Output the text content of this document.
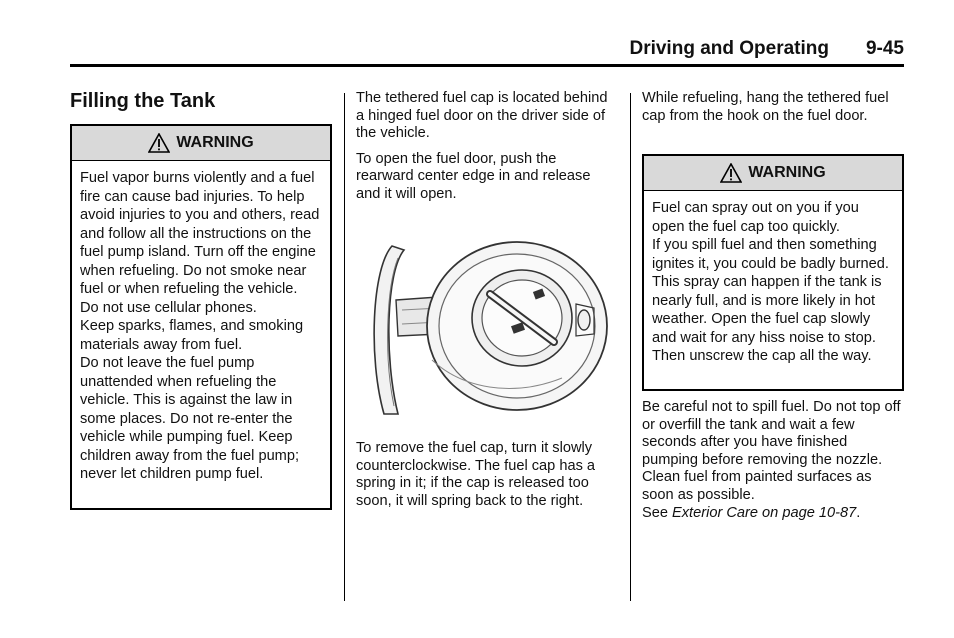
Driving and Operating 9-45
Filling the Tank
WARNING

Fuel vapor burns violently and a fuel fire can cause bad injuries. To help avoid injuries to you and others, read and follow all the instructions on the fuel pump island. Turn off the engine when refueling. Do not smoke near fuel or when refueling the vehicle.

Do not use cellular phones.

Keep sparks, flames, and smoking materials away from fuel.

Do not leave the fuel pump unattended when refueling the vehicle. This is against the law in some places. Do not re-enter the vehicle while pumping fuel. Keep children away from the fuel pump; never let children pump fuel.

The tethered fuel cap is located behind a hinged fuel door on the driver side of the vehicle.

To open the fuel door, push the rearward center edge in and release and it will open.

To remove the fuel cap, turn it slowly counterclockwise. The fuel cap has a spring in it; if the cap is released too soon, it will spring back to the right.

While refueling, hang the tethered fuel cap from the hook on the fuel door.

WARNING

Fuel can spray out on you if you open the fuel cap too quickly.

If you spill fuel and then something ignites it, you could be badly burned. This spray can happen if the tank is nearly full, and is more likely in hot weather. Open the fuel cap slowly and wait for any hiss noise to stop. Then unscrew the cap all the way.

Be careful not to spill fuel. Do not top off or overfill the tank and wait a few seconds after you have finished pumping before removing the nozzle. Clean fuel from painted surfaces as soon as possible.
See Exterior Care on page 10-87.
